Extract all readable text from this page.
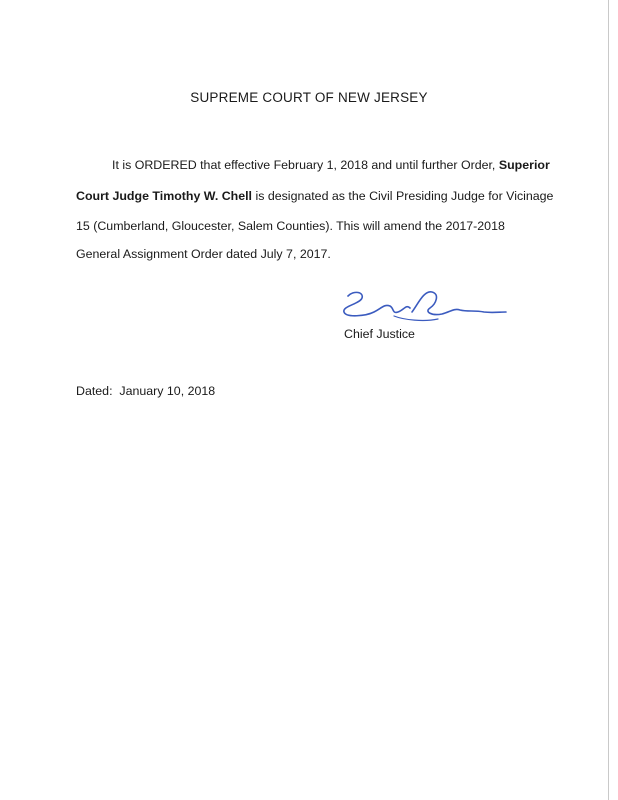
SUPREME COURT OF NEW JERSEY
It is ORDERED that effective February 1, 2018 and until further Order, Superior
Court Judge Timothy W. Chell is designated as the Civil Presiding Judge for Vicinage
15 (Cumberland, Gloucester, Salem Counties). This will amend the 2017-2018
General Assignment Order dated July 7, 2017.
Chief Justice
Dated:  January 10, 2018
